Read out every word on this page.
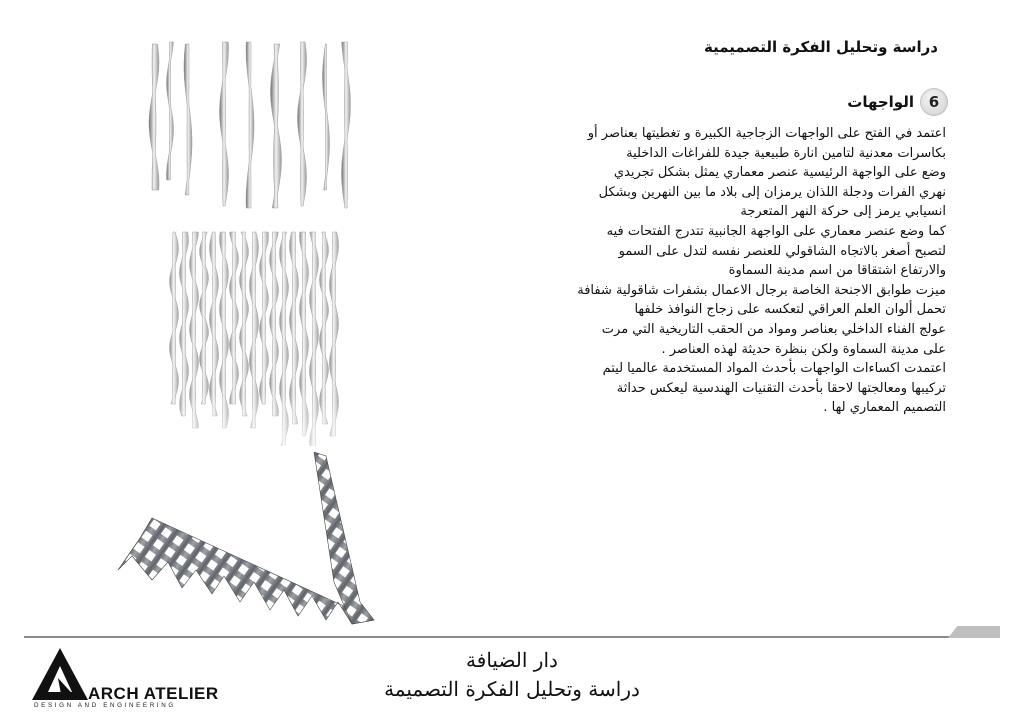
دراسة وتحليل الفكرة التصميمية
6
الواجهات
اعتمد في الفتح على الواجهات الزجاجية الكبيرة و تغطيتها بعناصر أو
بكاسرات معدنية لتامين انارة طبيعية جيدة للفراغات الداخلية
وضع على الواجهة الرئيسية عنصر معماري يمثل بشكل تجريدي
نهري الفرات ودجلة اللذان يرمزان إلى بلاد ما بين النهرين وبشكل
انسيابي يرمز إلى حركة النهر المتعرجة
كما وضع عنصر معماري على الواجهة الجانبية تتدرج الفتحات فيه
لتصبح أصغر بالاتجاه الشاقولي للعنصر نفسه لتدل على السمو
والارتفاع اشتقاقا من اسم مدينة السماوة
ميزت طوابق الاجنحة الخاصة برجال الاعمال بشفرات شاقولية شفافة
تحمل ألوان العلم العراقي لتعكسه على زجاج النوافذ خلفها
عولج الفناء الداخلي بعناصر ومواد من الحقب التاريخية التي مرت
على مدينة السماوة ولكن بنظرة حديثة لهذه العناصر .
اعتمدت اكساءات الواجهات بأحدث المواد المستخدمة عالميا ليتم
تركيبها ومعالجتها لاحقا بأحدث التقنيات الهندسية ليعكس حداثة
التصميم المعماري لها .
دار الضيافة
دراسة وتحليل الفكرة التصميمة
ARCH ATELIER
DESIGN AND ENGINEERING
